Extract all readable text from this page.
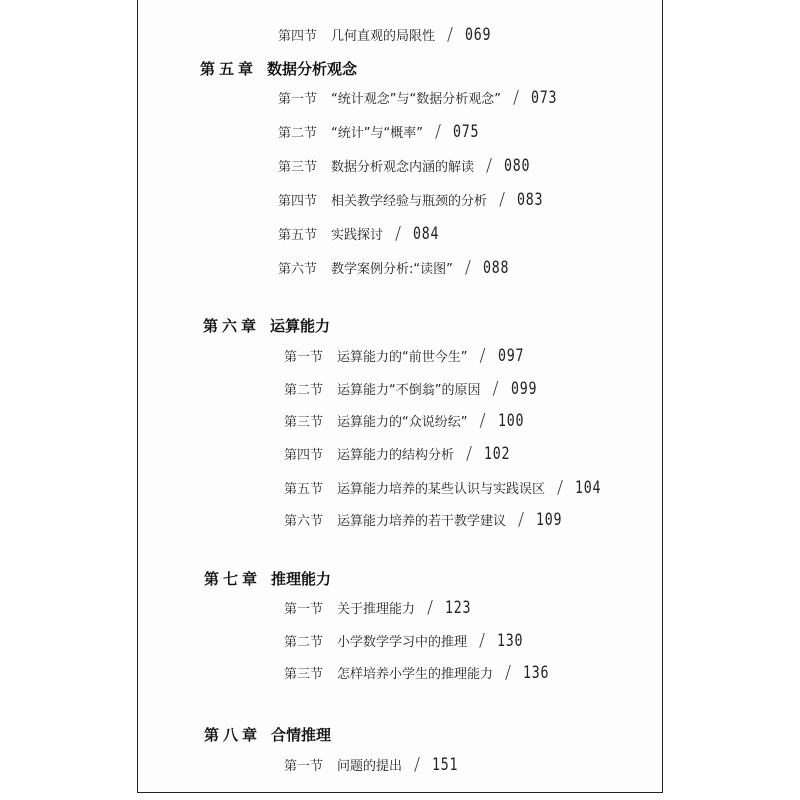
第四节 几何直观的局限性 / 069
第五章 数据分析观念
第一节 “统计观念”与“数据分析观念” / 073
第二节 “统计”与“概率” / 075
第三节 数据分析观念内涵的解读 / 080
第四节 相关教学经验与瓶颈的分析 / 083
第五节 实践探讨 / 084
第六节 教学案例分析:“读图” / 088
第六章 运算能力
第一节 运算能力的“前世今生” / 097
第二节 运算能力“不倒翁”的原因 / 099
第三节 运算能力的“众说纷纭” / 100
第四节 运算能力的结构分析 / 102
第五节 运算能力培养的某些认识与实践误区 / 104
第六节 运算能力培养的若干教学建议 / 109
第七章 推理能力
第一节 关于推理能力 / 123
第二节 小学数学学习中的推理 / 130
第三节 怎样培养小学生的推理能力 / 136
第八章 合情推理
第一节 问题的提出 / 151
